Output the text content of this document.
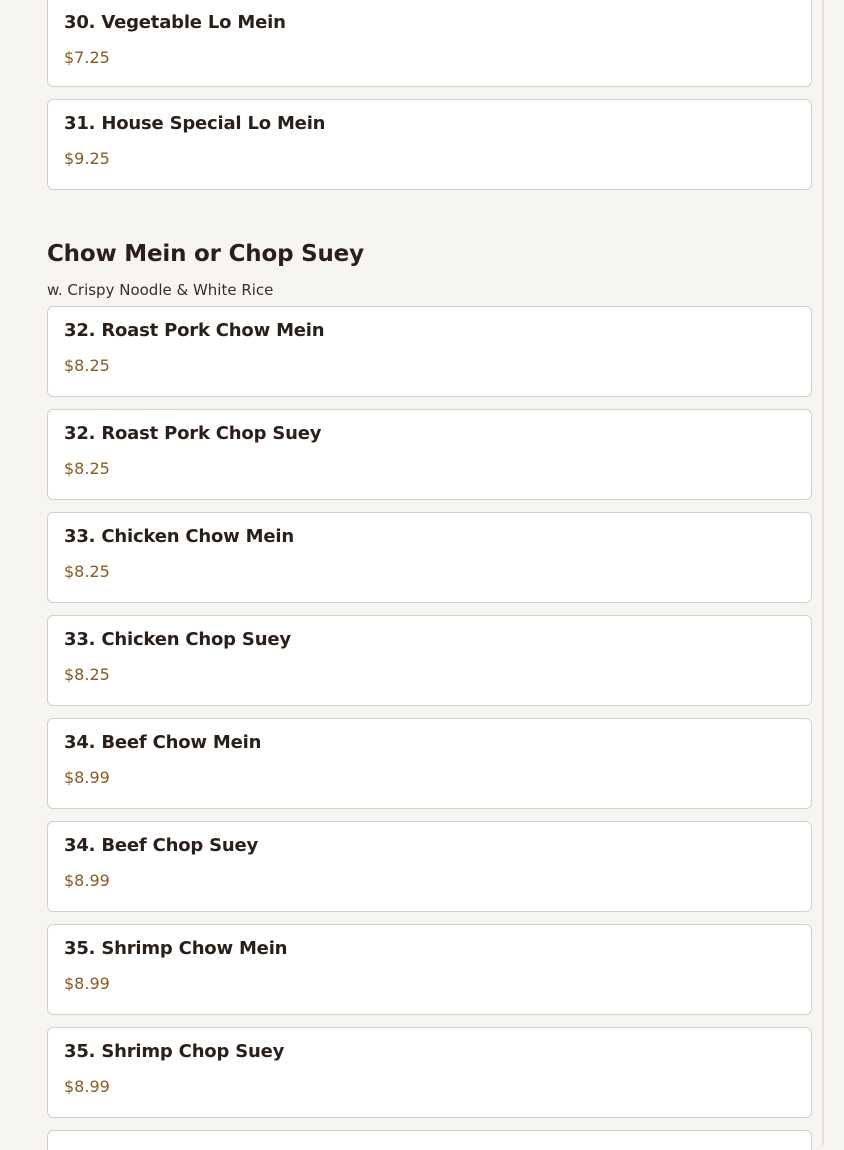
30. Vegetable Lo Mein
$7.25
31. House Special Lo Mein
$9.25
Chow Mein or Chop Suey
w. Crispy Noodle & White Rice
32. Roast Pork Chow Mein
$8.25
32. Roast Pork Chop Suey
$8.25
33. Chicken Chow Mein
$8.25
33. Chicken Chop Suey
$8.25
34. Beef Chow Mein
$8.99
34. Beef Chop Suey
$8.99
35. Shrimp Chow Mein
$8.99
35. Shrimp Chop Suey
$8.99
